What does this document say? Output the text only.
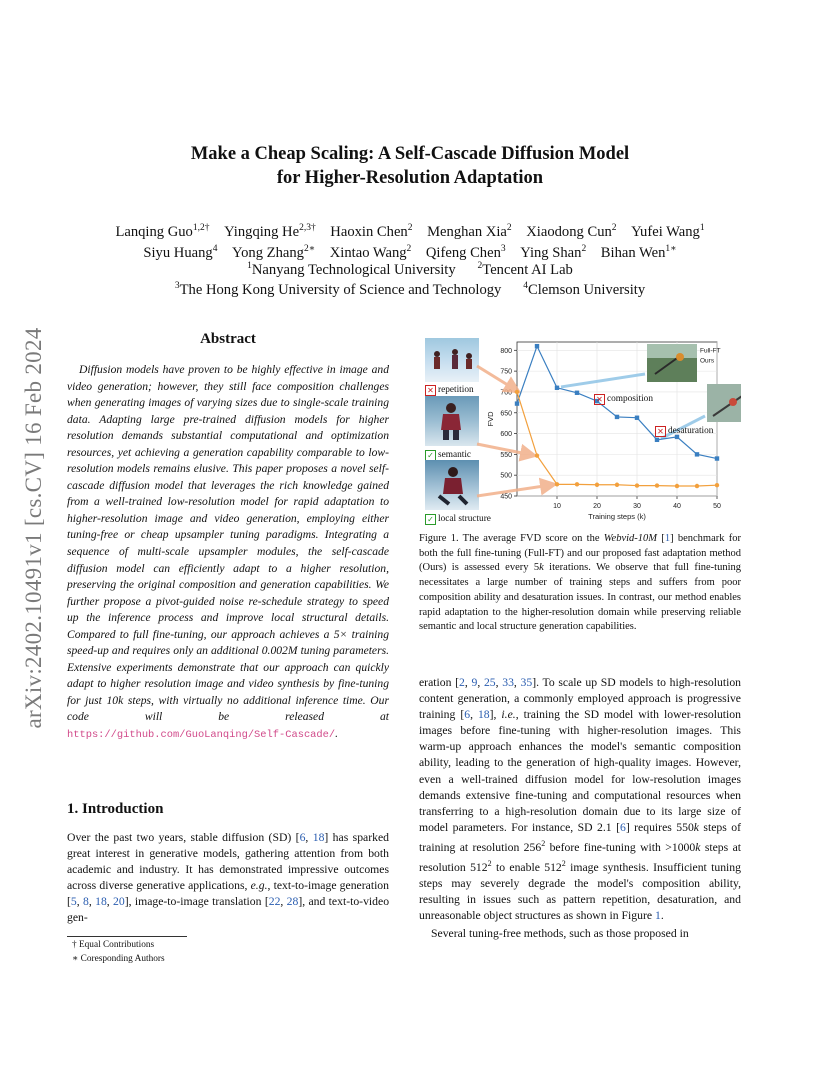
arXiv:2402.10491v1 [cs.CV] 16 Feb 2024
Make a Cheap Scaling: A Self-Cascade Diffusion Model
for Higher-Resolution Adaptation
Lanqing Guo$^{1,2\dagger}$  Yingqing $He^{2,3\dagger}$  Haoxin Chen$^2$  Menghan Xia$^2$  Xiaodong Cun$^2$  Yufei Wang$^1$
Siyu Huang$^4$  Yong Zhang$^{2∗}$  Xintao Wang$^2$  Qifeng Chen$^3$  Ying Shan$^2$  Bihan Wen$^{1∗}$
$^1$Nanyang Technological University   $^2$Tencent AI Lab
$^3$The Hong Kong University of Science and Technology   $^4$Clemson University
Abstract
Diffusion models have proven to be highly effective in image and video generation; however, they still face composition challenges when generating images of varying sizes due to single-scale training data. Adapting large pre-trained diffusion models for higher resolution demands substantial computational and optimization resources, yet achieving a generation capability comparable to low-resolution models remains elusive. This paper proposes a novel self-cascade diffusion model that leverages the rich knowledge gained from a well-trained low-resolution model for rapid adaptation to higher-resolution image and video generation, employing either tuning-free or cheap upsampler tuning paradigms. Integrating a sequence of multi-scale upsampler modules, the self-cascade diffusion model can efficiently adapt to a higher resolution, preserving the original composition and generation capabilities. We further propose a pivot-guided noise re-schedule strategy to speed up the inference process and improve local structural details. Compared to full fine-tuning, our approach achieves a 5× training speed-up and requires only an additional 0.002M tuning parameters. Extensive experiments demonstrate that our approach can quickly adapt to higher resolution image and video synthesis by fine-tuning for just 10k steps, with virtually no additional inference time. Our code will be released at https://github.com/GuoLanqing/Self-Cascade/.
1. Introduction
Over the past two years, stable diffusion (SD) [6, 18] has sparked great interest in generative models, gathering attention from both academic and industry. It has demonstrated impressive outcomes across diverse generative applications, e.g., text-to-image generation [5, 8, 18, 20], image-to-image translation [22, 28], and text-to-video gen-
† Equal Contributions
∗ Coresponding Authors
✕ repetition
✓ semantic
✓ local structure
10	20	30	40	50
450
500
550
600
650
700
750
800
Training steps (k)
FVD
Full-FT
Ours
✕ composition
✕ desaturation
Figure 1. The average FVD score on the Webvid-10M [1] benchmark for both the full fine-tuning (Full-FT) and our proposed fast adaptation method (Ours) is assessed every 5k iterations. We observe that full fine-tuning necessitates a large number of training steps and suffers from poor composition ability and desaturation issues. In contrast, our method enables rapid adaptation to the higher-resolution domain while preserving reliable semantic and local structure generation capabilities.

eration [2, 9, 25, 33, 35]. To scale up SD models to high-resolution content generation, a commonly employed approach is progressive training [6, 18], i.e., training the SD model with lower-resolution images before fine-tuning with higher-resolution images. This warm-up approach enhances the model's semantic composition ability, leading to the generation of high-quality images. However, even a well-trained diffusion model for low-resolution images demands extensive fine-tuning and computational resources when transferring to a high-resolution domain due to its large size of model parameters. For instance, SD 2.1 [6] requires 550k steps of training at resolution $256^2$ before fine-tuning with >1000k steps at resolution $512^2$ to enable $512^2$ image synthesis. Insufficient tuning steps may severely degrade the model's composition ability, resulting in issues such as pattern repetition, desaturation, and unreasonable object structures as shown in Figure 1.

Several tuning-free methods, such as those proposed in
